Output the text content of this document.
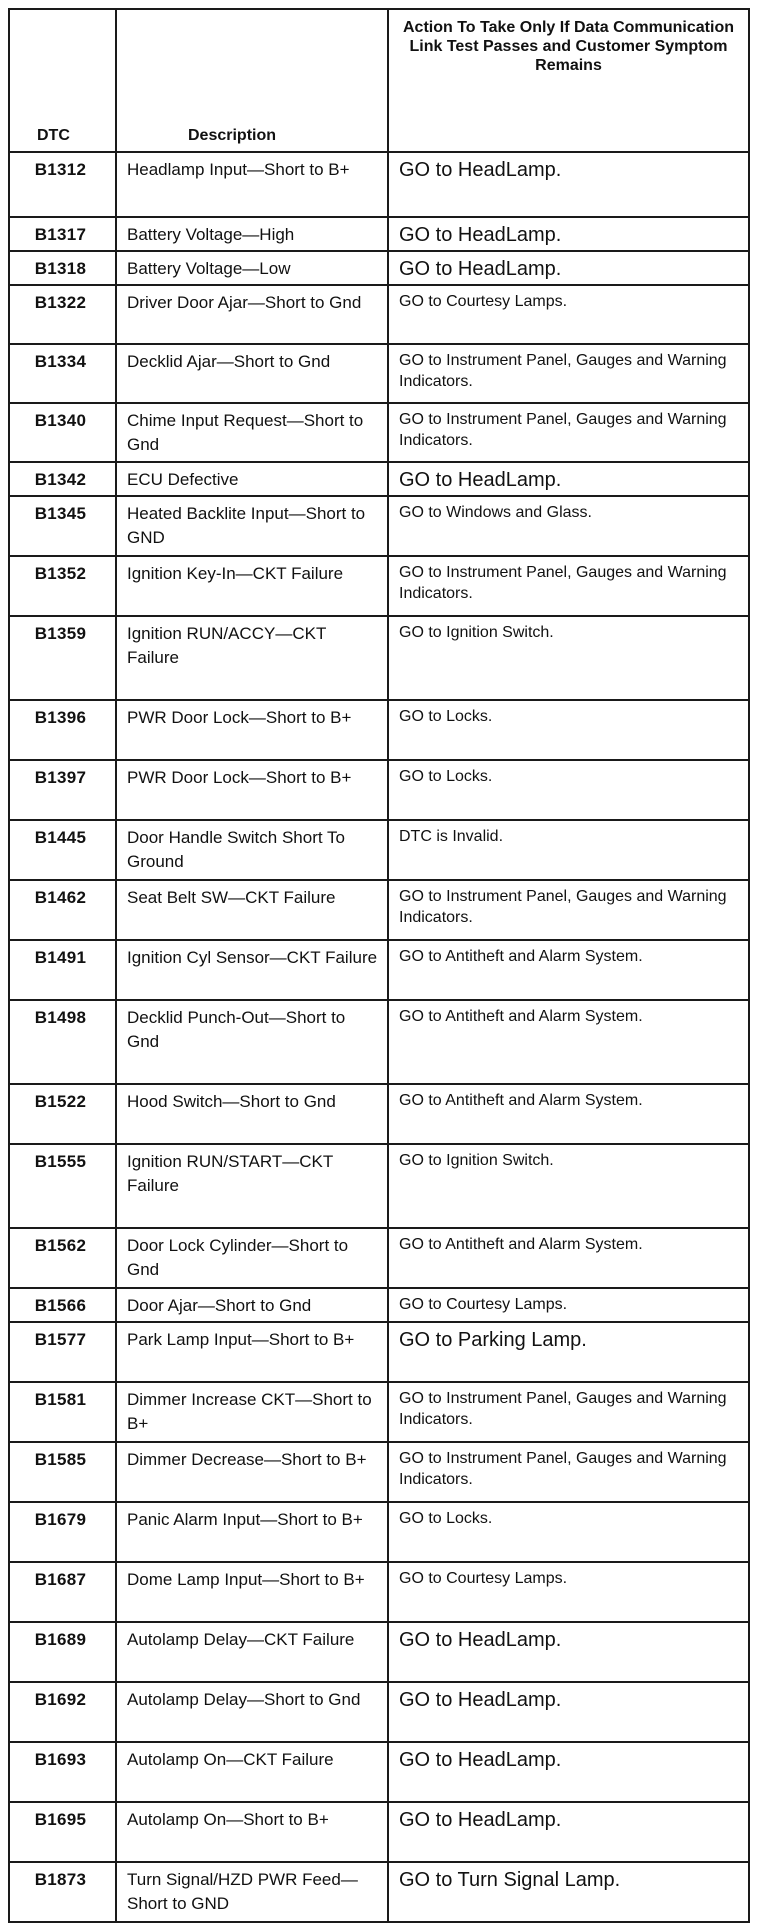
DTC	Description	Action To Take Only If Data Communication Link Test Passes and Customer Symptom Remains
B1312	Headlamp Input—Short to B+	GO to HeadLamp.
B1317	Battery Voltage—High	GO to HeadLamp.
B1318	Battery Voltage—Low	GO to HeadLamp.
B1322	Driver Door Ajar—Short to Gnd	GO to Courtesy Lamps.
B1334	Decklid Ajar—Short to Gnd	GO to Instrument Panel, Gauges and Warning Indicators.
B1340	Chime Input Request—Short to Gnd	GO to Instrument Panel, Gauges and Warning Indicators.
B1342	ECU Defective	GO to HeadLamp.
B1345	Heated Backlite Input—Short to GND	GO to Windows and Glass.
B1352	Ignition Key-In—CKT Failure	GO to Instrument Panel, Gauges and Warning Indicators.
B1359	Ignition RUN/ACCY—CKT Failure	GO to Ignition Switch.
B1396	PWR Door Lock—Short to B+	GO to Locks.
B1397	PWR Door Lock—Short to B+	GO to Locks.
B1445	Door Handle Switch Short To Ground	DTC is Invalid.
B1462	Seat Belt SW—CKT Failure	GO to Instrument Panel, Gauges and Warning Indicators.
B1491	Ignition Cyl Sensor—CKT Failure	GO to Antitheft and Alarm System.
B1498	Decklid Punch-Out—Short to Gnd	GO to Antitheft and Alarm System.
B1522	Hood Switch—Short to Gnd	GO to Antitheft and Alarm System.
B1555	Ignition RUN/START—CKT Failure	GO to Ignition Switch.
B1562	Door Lock Cylinder—Short to Gnd	GO to Antitheft and Alarm System.
B1566	Door Ajar—Short to Gnd	GO to Courtesy Lamps.
B1577	Park Lamp Input—Short to B+	GO to Parking Lamp.
B1581	Dimmer Increase CKT—Short to B+	GO to Instrument Panel, Gauges and Warning Indicators.
B1585	Dimmer Decrease—Short to B+	GO to Instrument Panel, Gauges and Warning Indicators.
B1679	Panic Alarm Input—Short to B+	GO to Locks.
B1687	Dome Lamp Input—Short to B+	GO to Courtesy Lamps.
B1689	Autolamp Delay—CKT Failure	GO to HeadLamp.
B1692	Autolamp Delay—Short to Gnd	GO to HeadLamp.
B1693	Autolamp On—CKT Failure	GO to HeadLamp.
B1695	Autolamp On—Short to B+	GO to HeadLamp.
B1873	Turn Signal/HZD PWR Feed—Short to GND	GO to Turn Signal Lamp.
